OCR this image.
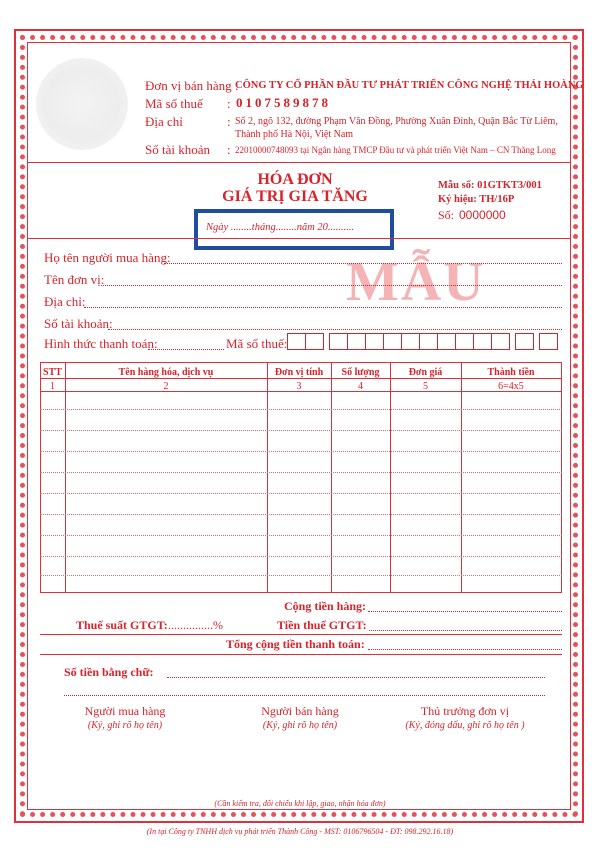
Đơn vị bán hàng :
CÔNG TY CỔ PHẦN ĐẦU TƯ PHÁT TRIỂN CÔNG NGHỆ THÁI HOÀNG
Mã số thuế : 0107589878
Địa chỉ	: Số 2, ngõ 132, đường Phạm Văn Đồng, Phường Xuân Đỉnh, Quận Bắc Từ Liêm,
Thành phố Hà Nội, Việt Nam
Số tài khoản : 22010000748093 tại Ngân hàng TMCP Đầu tư và phát triển Việt Nam – CN Thăng Long
HÓA ĐƠN
GIÁ TRỊ GIA TĂNG
Ngày ........tháng........năm 20..........
Mẫu số: 01GTKT3/001
Ký hiệu: TH/16P
Số: 0000000
MẪU
Họ tên người mua hàng:
Tên đơn vị:
Địa chỉ:
Số tài khoản:
Hình thức thanh toán:	Mã số thuế:
STT	Tên hàng hóa, dịch vụ	Đơn vị tính	Số lượng	Đơn giá	Thành tiền
1	2	3	4	5	6=4x5
Cộng tiền hàng:
Thuế suất GTGT: ...............%	Tiền thuế GTGT:
Tổng cộng tiền thanh toán:
Số tiền bằng chữ:
Người mua hàng
(Ký, ghi rõ họ tên)
Người bán hàng
(Ký, ghi rõ họ tên)
Thủ trưởng đơn vị
(Ký, đóng dấu, ghi rõ họ tên )
(Cần kiểm tra, đối chiếu khi lập, giao, nhận hóa đơn)
(In tại Công ty TNHH dịch vụ phát triển Thành Công - MST: 0106796504 - ĐT: 098.292.16.18)
